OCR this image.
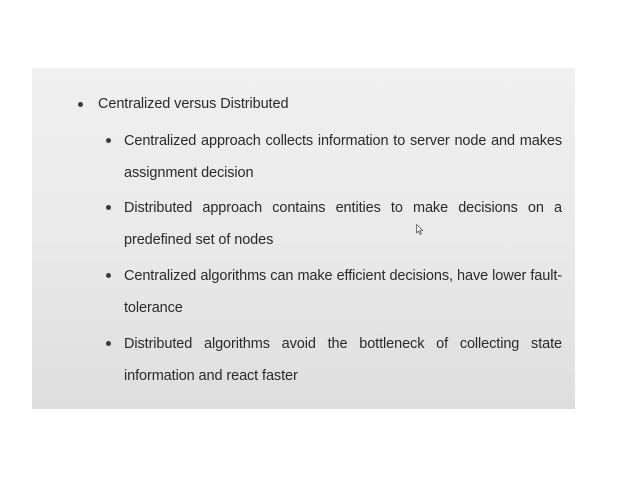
Centralized versus Distributed
Centralized approach collects information to server node and makes assignment decision
Distributed approach contains entities to make decisions on a predefined set of nodes
Centralized algorithms can make efficient decisions, have lower fault-tolerance
Distributed algorithms avoid the bottleneck of collecting state information and react faster
